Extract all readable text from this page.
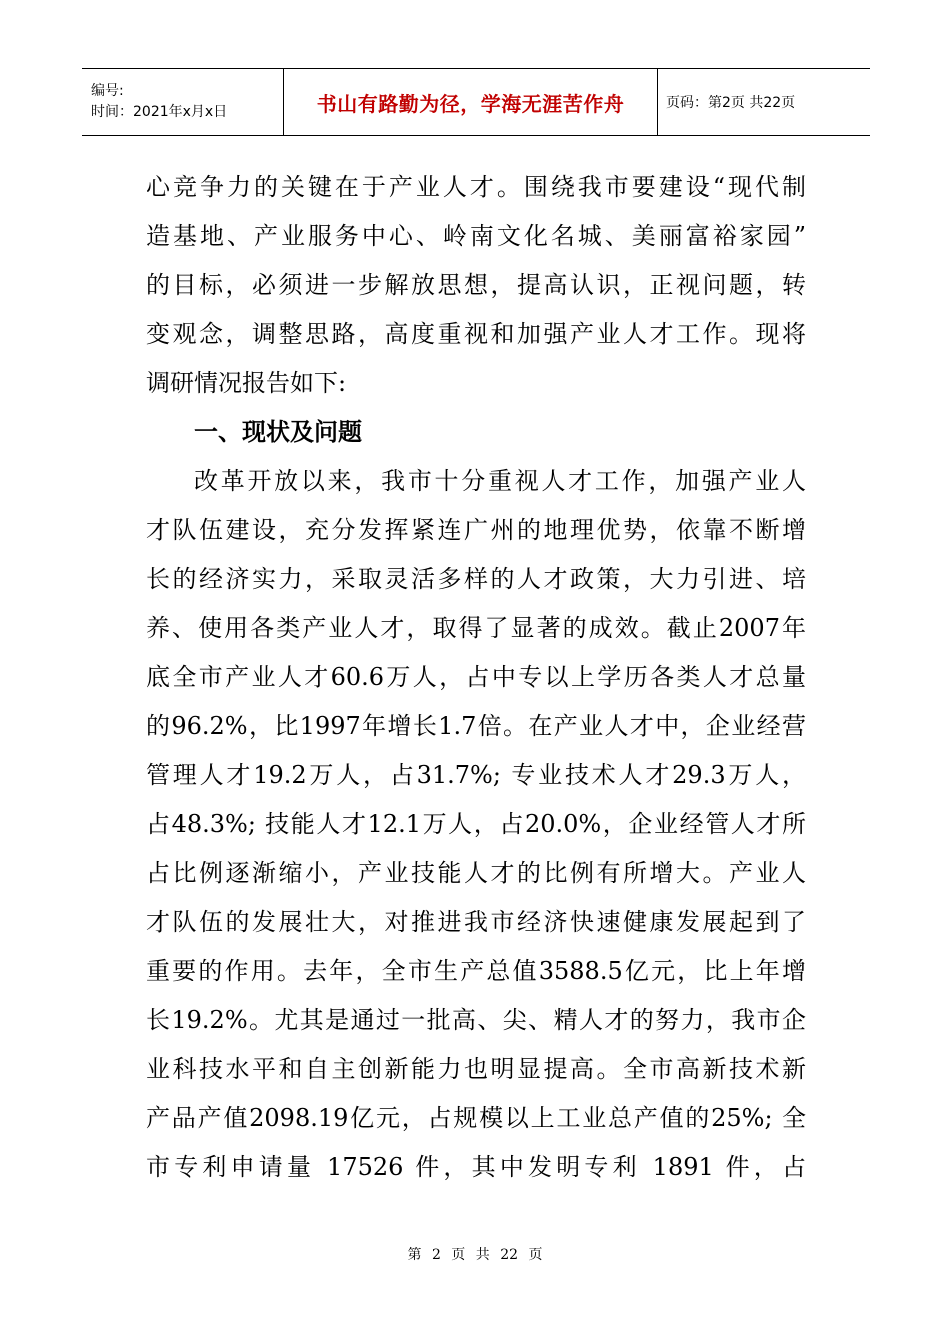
编号:
时间：2021年x月x日	书山有路勤为径，学海无涯苦作舟	页码：第2页 共22页
心竞争力的关键在于产业人才。围绕我市要建设“现代制
造基地、产业服务中心、岭南文化名城、美丽富裕家园”
的目标，必须进一步解放思想，提高认识，正视问题，转
变观念，调整思路，高度重视和加强产业人才工作。现将
调研情况报告如下:
一、现状及问题
改革开放以来，我市十分重视人才工作，加强产业人
才队伍建设，充分发挥紧连广州的地理优势，依靠不断增
长的经济实力，采取灵活多样的人才政策，大力引进、培
养、使用各类产业人才，取得了显著的成效。截止2007年
底全市产业人才60.6万人，占中专以上学历各类人才总量
的96.2%，比1997年增长1.7倍。在产业人才中，企业经营
管理人才19.2万人，占31.7%; 专业技术人才29.3万人，
占48.3%; 技能人才12.1万人，占20.0%，企业经管人才所
占比例逐渐缩小，产业技能人才的比例有所增大。产业人
才队伍的发展壮大，对推进我市经济快速健康发展起到了
重要的作用。去年，全市生产总值3588.5亿元，比上年增
长19.2%。尤其是通过一批高、尖、精人才的努力，我市企
业科技水平和自主创新能力也明显提高。全市高新技术新
产品产值2098.19亿元，占规模以上工业总产值的25%; 全
市专利申请量 17526 件，其中发明专利 1891 件，占
第 2 页 共 22 页
